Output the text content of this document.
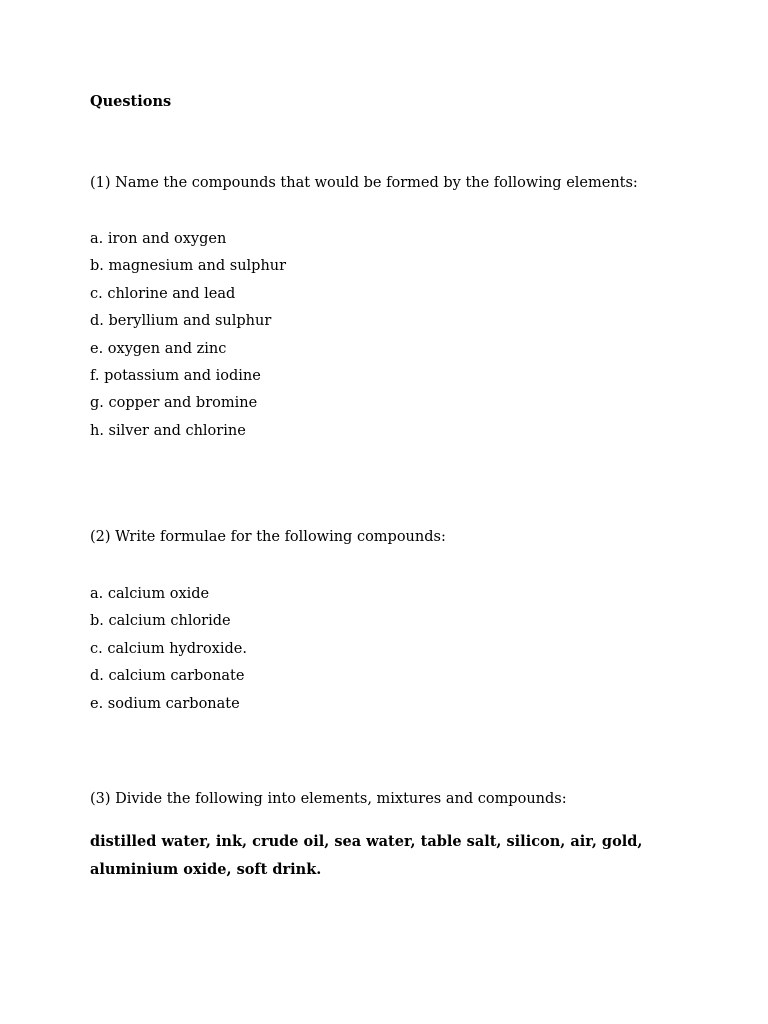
Questions
(1) Name the compounds that would be formed by the following elements:
a. iron and oxygen
b. magnesium and sulphur
c. chlorine and lead
d. beryllium and sulphur
e. oxygen and zinc
f. potassium and iodine
g. copper and bromine
h. silver and chlorine
(2) Write formulae for the following compounds:
a. calcium oxide
b. calcium chloride
c. calcium hydroxide.
d. calcium carbonate
e. sodium carbonate
(3) Divide the following into elements, mixtures and compounds:
distilled water, ink, crude oil, sea water, table salt, silicon, air, gold,
aluminium oxide, soft drink.
